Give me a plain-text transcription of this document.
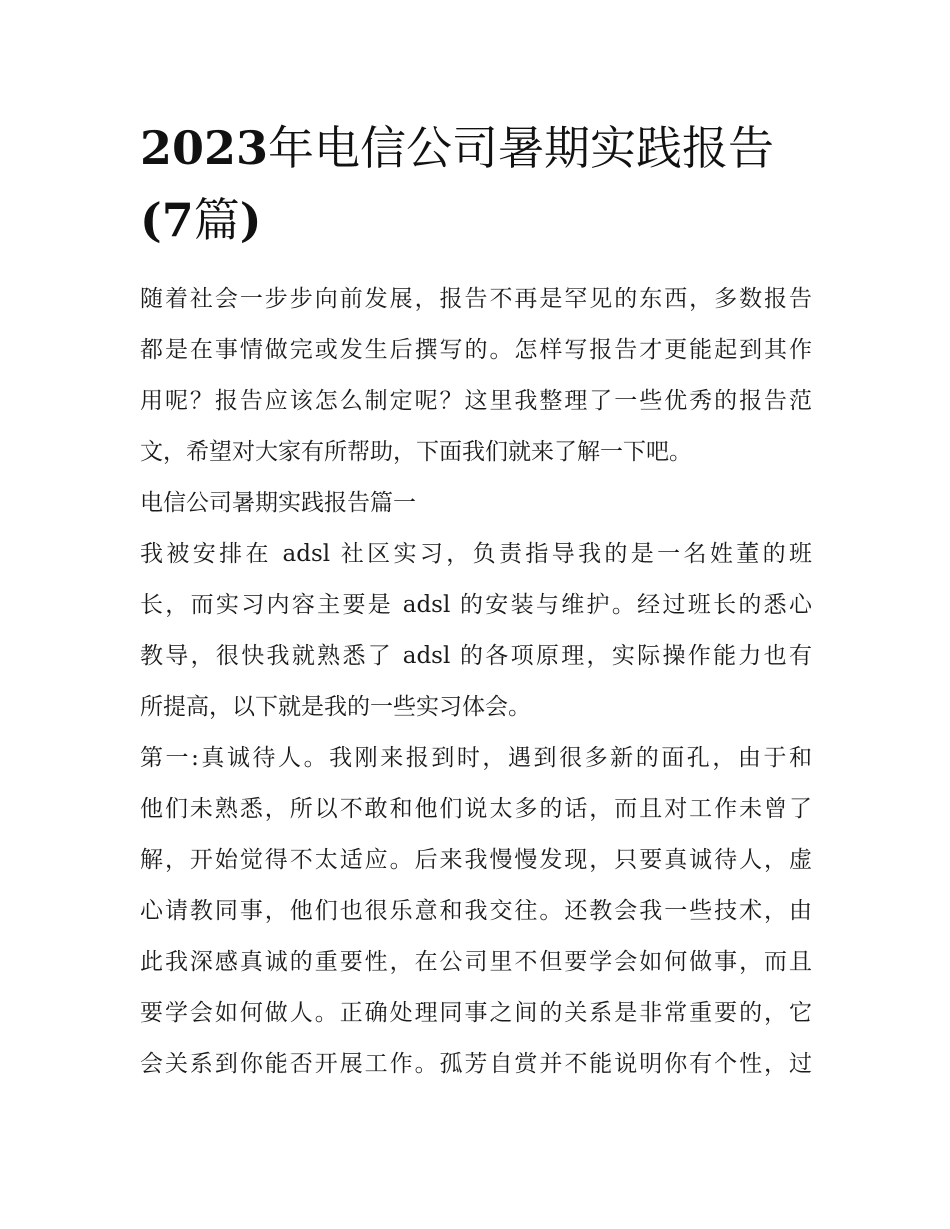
2023年电信公司暑期实践报告
(7篇)
随着社会一步步向前发展，报告不再是罕见的东西，多数报告
都是在事情做完或发生后撰写的。怎样写报告才更能起到其作
用呢？报告应该怎么制定呢？这里我整理了一些优秀的报告范
文，希望对大家有所帮助，下面我们就来了解一下吧。
电信公司暑期实践报告篇一
我被安排在 adsl 社区实习，负责指导我的是一名姓董的班
长，而实习内容主要是 adsl 的安装与维护。经过班长的悉心
教导，很快我就熟悉了 adsl 的各项原理，实际操作能力也有
所提高，以下就是我的一些实习体会。
第一:真诚待人。我刚来报到时，遇到很多新的面孔，由于和
他们未熟悉，所以不敢和他们说太多的话，而且对工作未曾了
解，开始觉得不太适应。后来我慢慢发现，只要真诚待人，虚
心请教同事，他们也很乐意和我交往。还教会我一些技术，由
此我深感真诚的重要性，在公司里不但要学会如何做事，而且
要学会如何做人。正确处理同事之间的关系是非常重要的，它
会关系到你能否开展工作。孤芳自赏并不能说明你有个性，过
